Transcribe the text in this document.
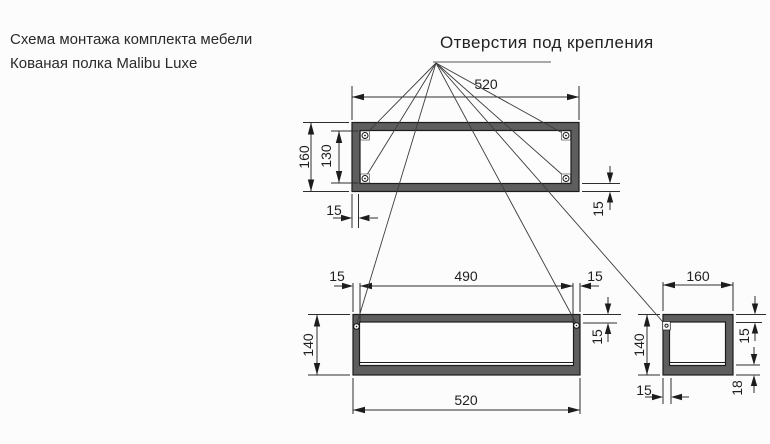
Схема монтажа комплекта мебели
Кованая полка Malibu Luxe
Отверстия под крепления
520
160 130
15	15
490
15	15
140	15
520
160
140	15
18
15
